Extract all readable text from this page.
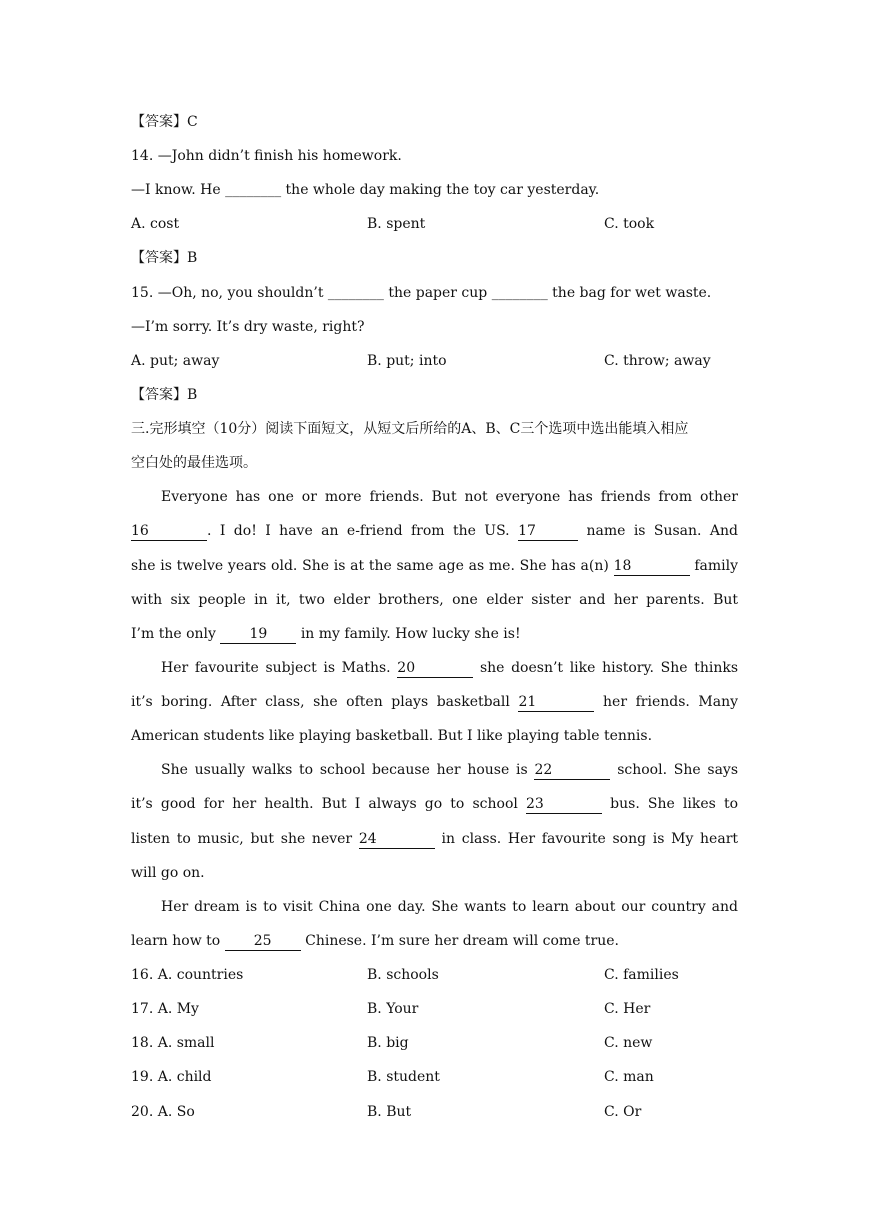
【答案】C
14. —John didn’t finish his homework.
—I know. He ________ the whole day making the toy car yesterday.
A. cost	B. spent	C. took
【答案】B
15. —Oh, no, you shouldn’t ________ the paper cup ________ the bag for wet waste.
—I’m sorry. It’s dry waste, right?
A. put; away	B. put; into	C. throw; away
【答案】B
三.完形填空（10分）阅读下面短文，从短文后所给的A、B、C三个选项中选出能填入相应
空白处的最佳选项。
Everyone has one or more friends. But not everyone has friends from other
16	. I do! I have an e-friend from the US. 17	name is Susan. And
she is twelve years old. She is at the same age as me. She has a(n) 18	family
with six people in it, two elder brothers, one elder sister and her parents. But
I’m the only 19 in my family. How lucky she is!
Her favourite subject is Maths. 20	she doesn’t like history. She thinks
it’s boring. After class, she often plays basketball 21	her friends. Many
American students like playing basketball. But I like playing table tennis.
She usually walks to school because her house is 22	school. She says
it’s good for her health. But I always go to school 23	bus. She likes to
listen to music, but she never 24	in class. Her favourite song is My heart
will go on.
Her dream is to visit China one day. She wants to learn about our country and
learn how to 25 Chinese. I’m sure her dream will come true.
16. A. countries	B. schools	C. families
17. A. My	B. Your	C. Her
18. A. small	B. big	C. new
19. A. child	B. student	C. man
20. A. So	B. But	C. Or
